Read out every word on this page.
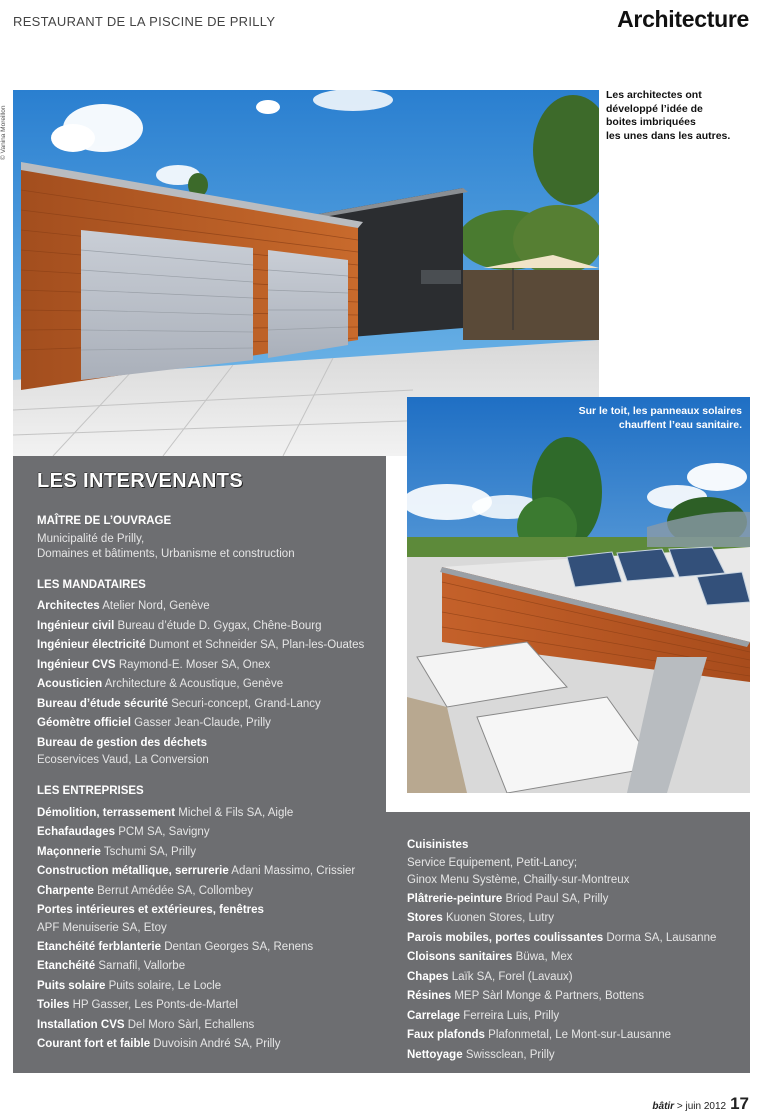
RESTAURANT DE LA PISCINE DE PRILLY	Architecture
© Vanina Moreillon
Les architectes ont
développé l’idée de
boites imbriquées
les unes dans les autres.
Sur le toit, les panneaux solaires
chauffent l’eau sanitaire.
LES INTERVENANTS
MAÎTRE DE L’OUVRAGE
Municipalité de Prilly,
Domaines et bâtiments, Urbanisme et construction
LES MANDATAIRES
Architectes Atelier Nord, Genève
Ingénieur civil Bureau d’étude D. Gygax, Chêne-Bourg
Ingénieur électricité Dumont et Schneider SA, Plan-les-Ouates
Ingénieur CVS Raymond-E. Moser SA, Onex
Acousticien Architecture & Acoustique, Genève
Bureau d’étude sécurité Securi-concept, Grand-Lancy
Géomètre officiel Gasser Jean-Claude, Prilly
Bureau de gestion des déchets
Ecoservices Vaud, La Conversion
LES ENTREPRISES
Démolition, terrassement Michel & Fils SA, Aigle
Echafaudages PCM SA, Savigny
Maçonnerie Tschumi SA, Prilly
Construction métallique, serrurerie Adani Massimo, Crissier
Charpente Berrut Amédée SA, Collombey
Portes intérieures et extérieures, fenêtres
APF Menuiserie SA, Etoy
Etanchéité ferblanterie Dentan Georges SA, Renens
Etanchéité Sarnafil, Vallorbe
Puits solaire Puits solaire, Le Locle
Toiles HP Gasser, Les Ponts-de-Martel
Installation CVS Del Moro Sàrl, Echallens
Courant fort et faible Duvoisin André SA, Prilly
Cuisinistes
Service Equipement, Petit-Lancy;
Ginox Menu Système, Chailly-sur-Montreux
Plâtrerie-peinture Briod Paul SA, Prilly
Stores Kuonen Stores, Lutry
Parois mobiles, portes coulissantes Dorma SA, Lausanne
Cloisons sanitaires Büwa, Mex
Chapes Laïk SA, Forel (Lavaux)
Résines MEP Sàrl Monge & Partners, Bottens
Carrelage Ferreira Luis, Prilly
Faux plafonds Plafonmetal, Le Mont-sur-Lausanne
Nettoyage Swissclean, Prilly
bâtir > juin 2012 17
